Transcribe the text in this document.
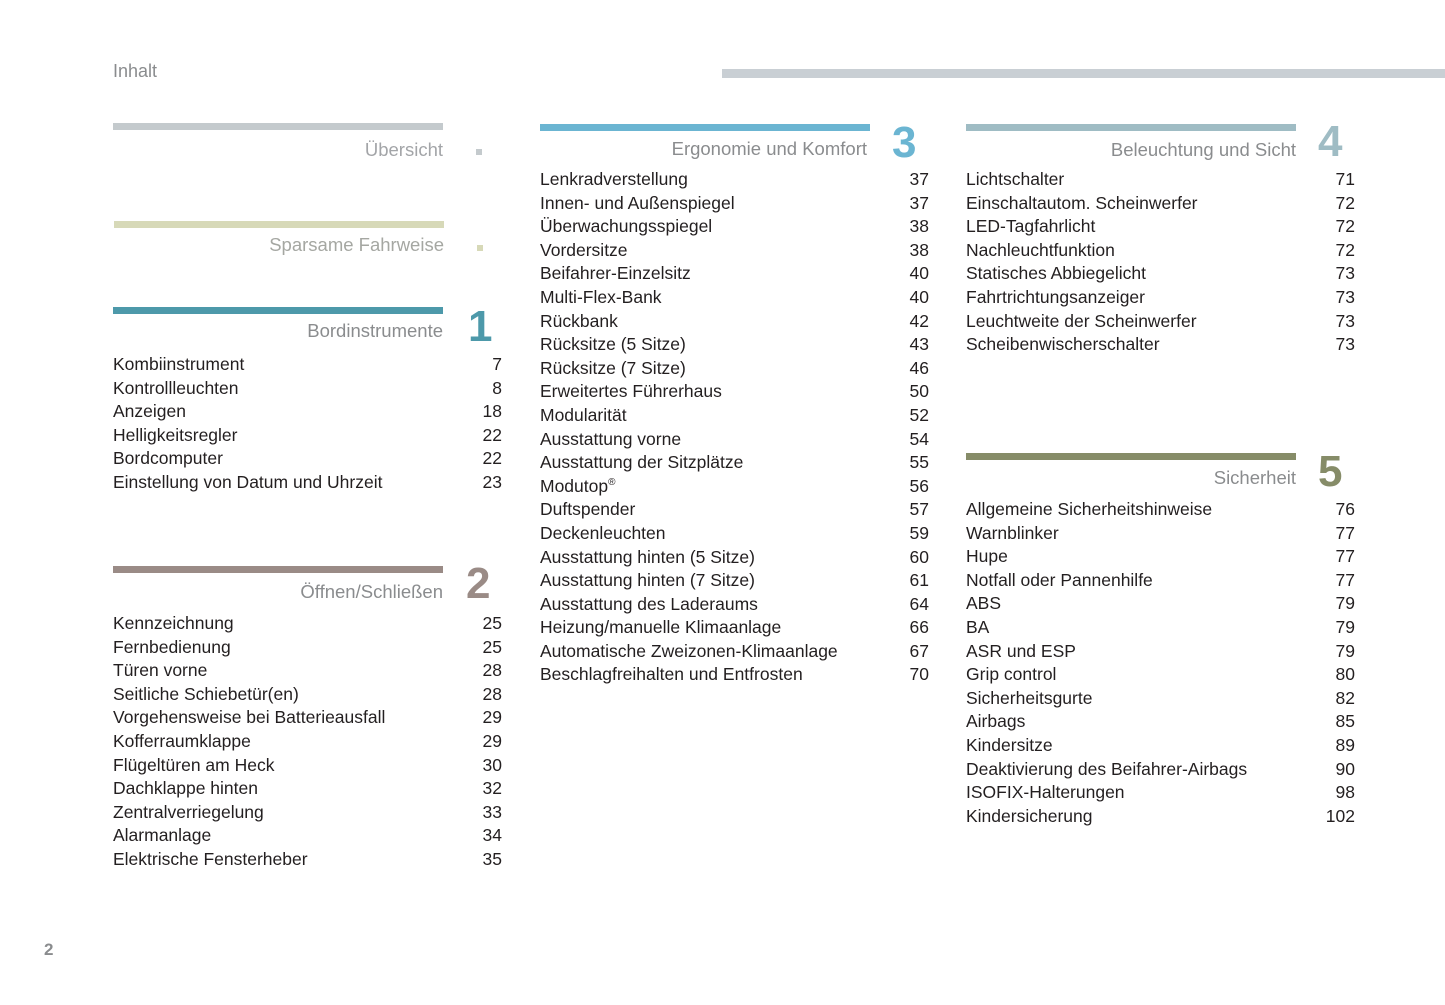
Inhalt
Übersicht
Sparsame Fahrweise
Bordinstrumente 1
Kombiinstrument	7
Kontrollleuchten	8
Anzeigen	18
Helligkeitsregler	22
Bordcomputer	22
Einstellung von Datum und Uhrzeit	23
Öffnen/Schließen 2
Kennzeichnung	25
Fernbedienung	25
Türen vorne	28
Seitliche Schiebetür(en)	28
Vorgehensweise bei Batterieausfall	29
Kofferraumklappe	29
Flügeltüren am Heck	30
Dachklappe hinten	32
Zentralverriegelung	33
Alarmanlage	34
Elektrische Fensterheber	35
Ergonomie und Komfort 3
Lenkradverstellung	37
Innen- und Außenspiegel	37
Überwachungsspiegel	38
Vordersitze	38
Beifahrer-Einzelsitz	40
Multi-Flex-Bank	40
Rückbank	42
Rücksitze (5 Sitze)	43
Rücksitze (7 Sitze)	46
Erweitertes Führerhaus	50
Modularität	52
Ausstattung vorne	54
Ausstattung der Sitzplätze	55
Modutop®	56
Duftspender	57
Deckenleuchten	59
Ausstattung hinten (5 Sitze)	60
Ausstattung hinten (7 Sitze)	61
Ausstattung des Laderaums	64
Heizung/manuelle Klimaanlage	66
Automatische Zweizonen-Klimaanlage	67
Beschlagfreihalten und Entfrosten	70
Beleuchtung und Sicht 4
Lichtschalter	71
Einschaltautom. Scheinwerfer	72
LED-Tagfahrlicht	72
Nachleuchtfunktion	72
Statisches Abbiegelicht	73
Fahrtrichtungsanzeiger	73
Leuchtweite der Scheinwerfer	73
Scheibenwischerschalter	73
Sicherheit 5
Allgemeine Sicherheitshinweise	76
Warnblinker	77
Hupe	77
Notfall oder Pannenhilfe	77
ABS	79
BA	79
ASR und ESP	79
Grip control	80
Sicherheitsgurte	82
Airbags	85
Kindersitze	89
Deaktivierung des Beifahrer-Airbags	90
ISOFIX-Halterungen	98
Kindersicherung	102
2
